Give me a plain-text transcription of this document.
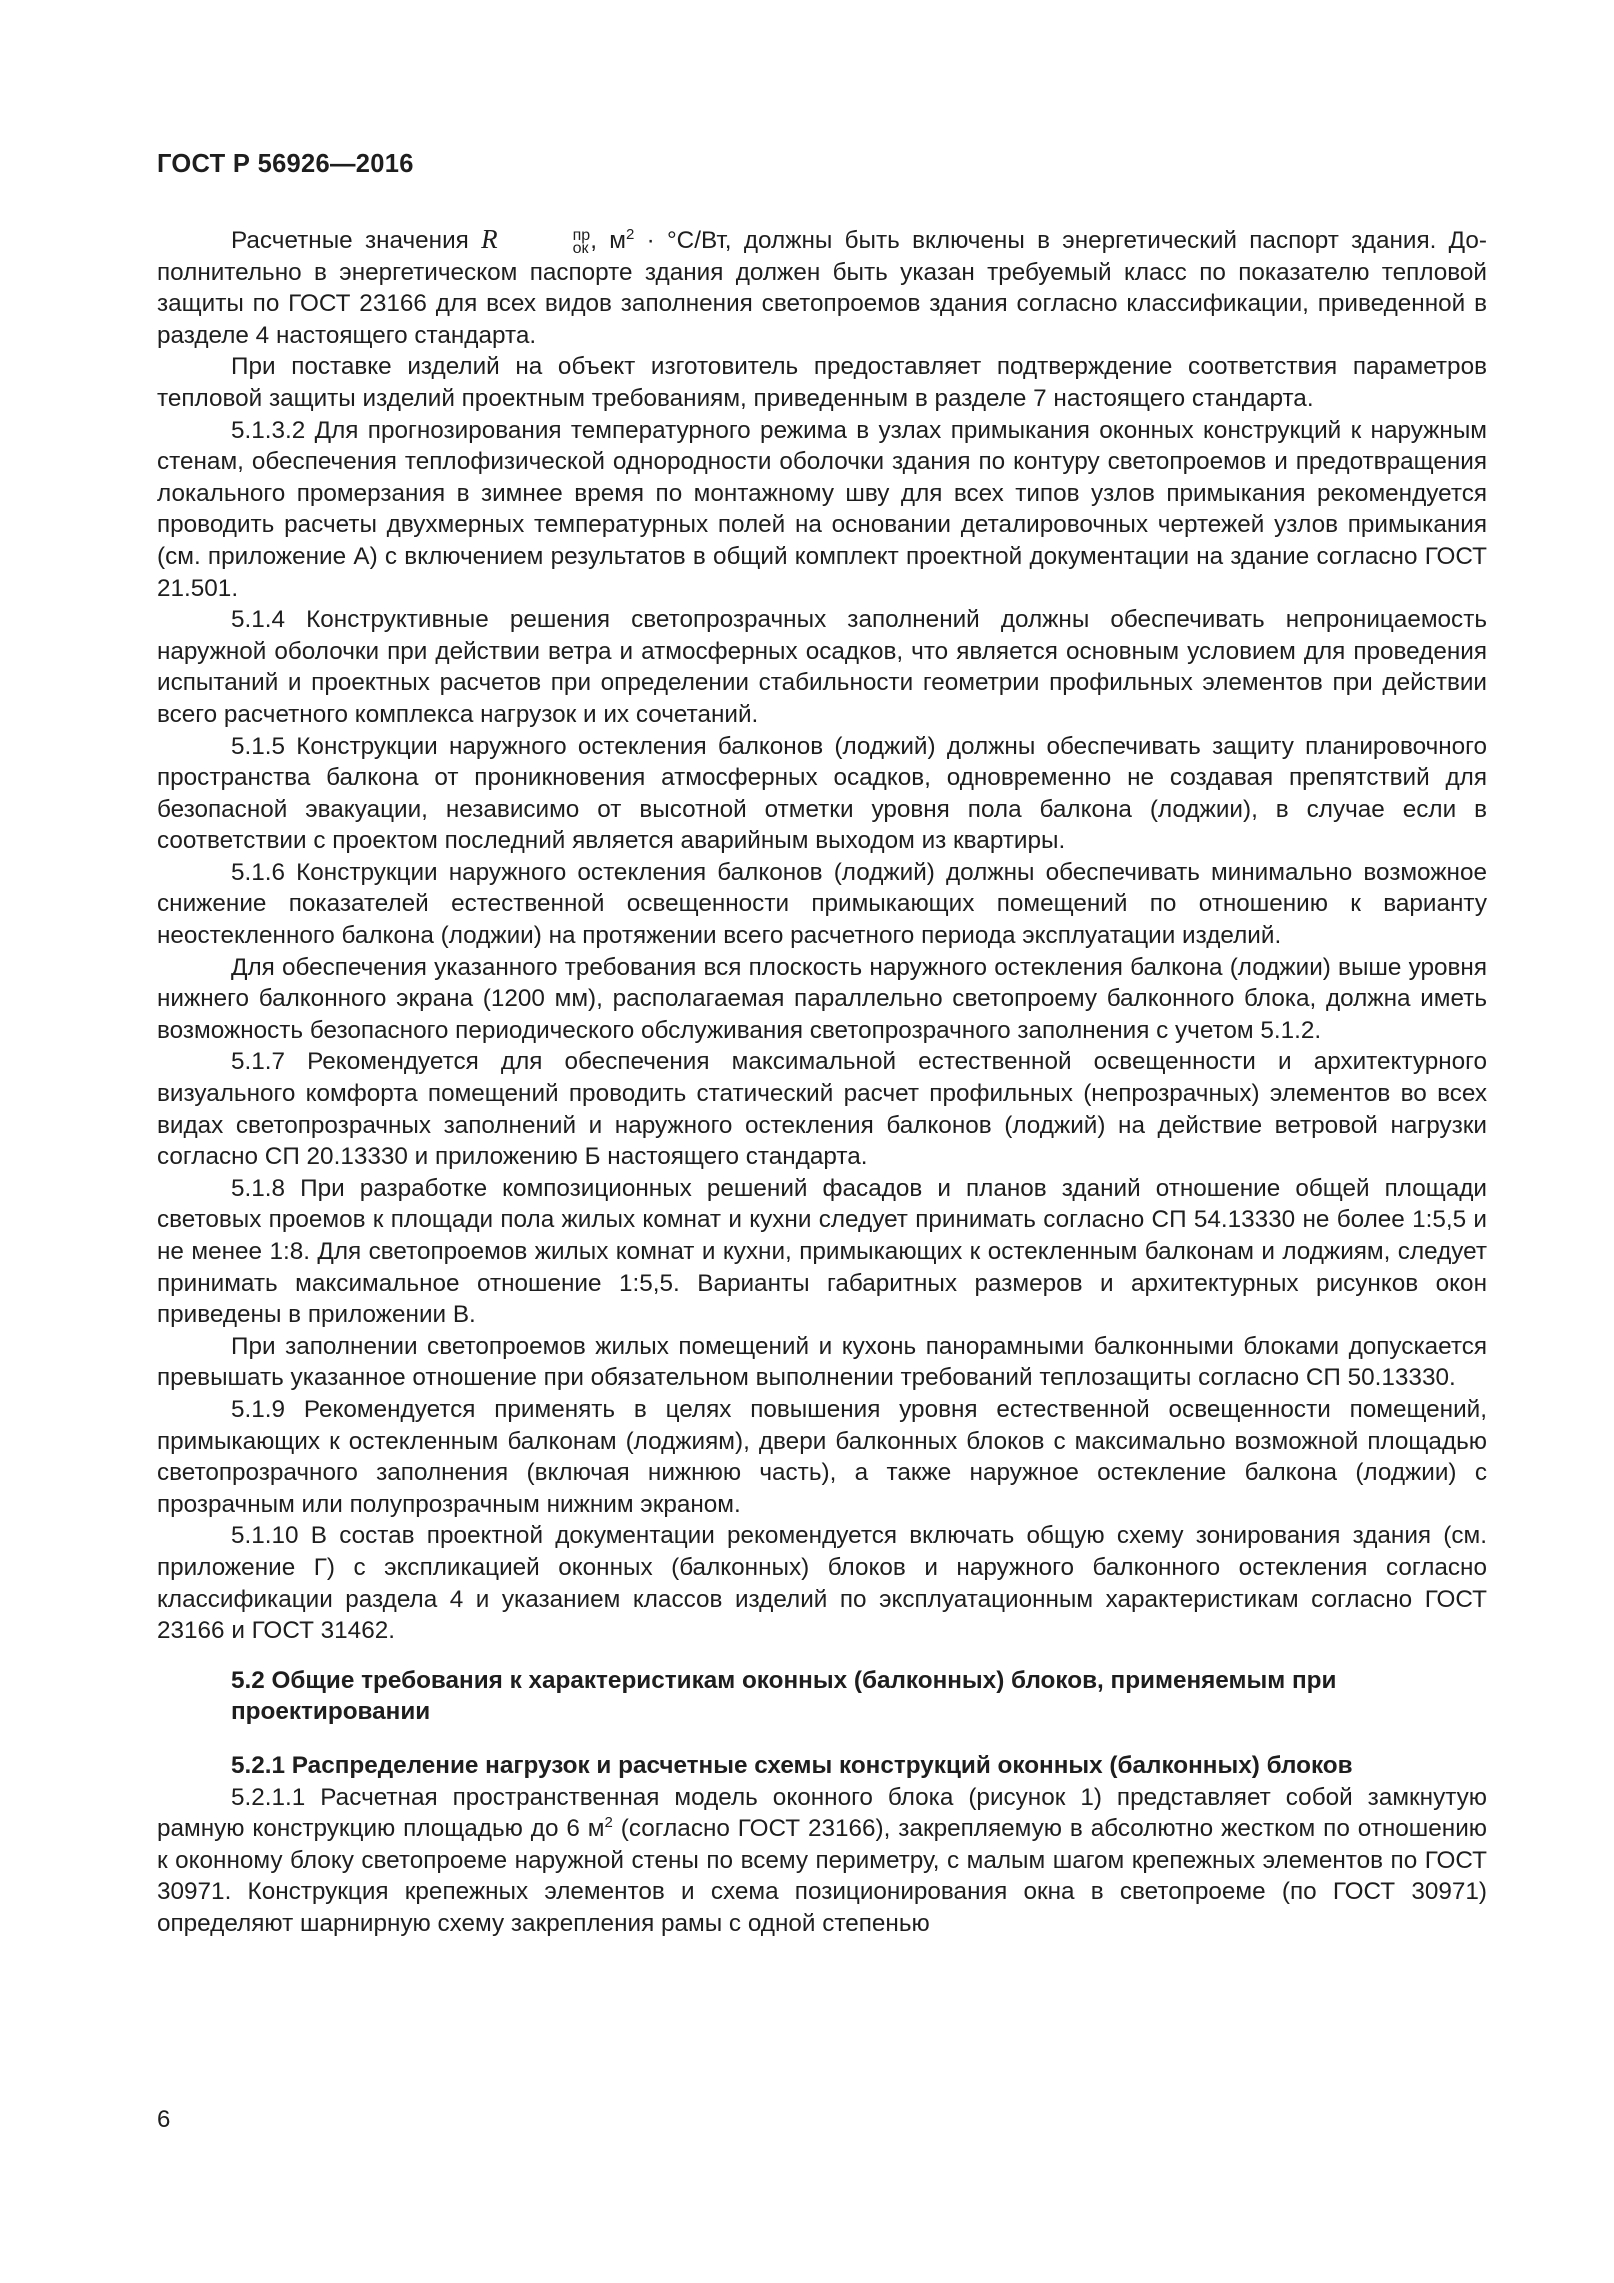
ГОСТ Р 56926—2016

Расчетные значения R	пр
ок , $м^2 \cdot ^\circ С/Вт$, должны быть включены в энергетический паспорт здания. Дополнительно в энергетическом паспорте здания должен быть указан требуемый класс по показателю тепловой защиты по ГОСТ 23166 для всех видов заполнения светопроемов здания согласно классификации, приведенной в разделе 4 настоящего стандарта.

При поставке изделий на объект изготовитель предоставляет подтверждение соответствия параметров тепловой защиты изделий проектным требованиям, приведенным в разделе 7 настоящего стандарта.

5.1.3.2 Для прогнозирования температурного режима в узлах примыкания оконных конструкций к наружным стенам, обеспечения теплофизической однородности оболочки здания по контуру светопроемов и предотвращения локального промерзания в зимнее время по монтажному шву для всех типов узлов примыкания рекомендуется проводить расчеты двухмерных температурных полей на основании деталировочных чертежей узлов примыкания (см. приложение А) с включением результатов в общий комплект проектной документации на здание согласно ГОСТ 21.501.

5.1.4 Конструктивные решения светопрозрачных заполнений должны обеспечивать непроницаемость наружной оболочки при действии ветра и атмосферных осадков, что является основным условием для проведения испытаний и проектных расчетов при определении стабильности геометрии профильных элементов при действии всего расчетного комплекса нагрузок и их сочетаний.

5.1.5 Конструкции наружного остекления балконов (лоджий) должны обеспечивать защиту планировочного пространства балкона от проникновения атмосферных осадков, одновременно не создавая препятствий для безопасной эвакуации, независимо от высотной отметки уровня пола балкона (лоджии), в случае если в соответствии с проектом последний является аварийным выходом из квартиры.

5.1.6 Конструкции наружного остекления балконов (лоджий) должны обеспечивать минимально возможное снижение показателей естественной освещенности примыкающих помещений по отношению к варианту неостекленного балкона (лоджии) на протяжении всего расчетного периода эксплуатации изделий.

Для обеспечения указанного требования вся плоскость наружного остекления балкона (лоджии) выше уровня нижнего балконного экрана (1200 мм), располагаемая параллельно светопроему балконного блока, должна иметь возможность безопасного периодического обслуживания светопрозрачного заполнения с учетом 5.1.2.

5.1.7 Рекомендуется для обеспечения максимальной естественной освещенности и архитектурного визуального комфорта помещений проводить статический расчет профильных (непрозрачных) элементов во всех видах светопрозрачных заполнений и наружного остекления балконов (лоджий) на действие ветровой нагрузки согласно СП 20.13330 и приложению Б настоящего стандарта.

5.1.8 При разработке композиционных решений фасадов и планов зданий отношение общей площади световых проемов к площади пола жилых комнат и кухни следует принимать согласно СП 54.13330 не более 1:5,5 и не менее 1:8. Для светопроемов жилых комнат и кухни, примыкающих к остекленным балконам и лоджиям, следует принимать максимальное отношение 1:5,5. Варианты габаритных размеров и архитектурных рисунков окон приведены в приложении В.

При заполнении светопроемов жилых помещений и кухонь панорамными балконными блоками допускается превышать указанное отношение при обязательном выполнении требований теплозащиты согласно СП 50.13330.

5.1.9 Рекомендуется применять в целях повышения уровня естественной освещенности помещений, примыкающих к остекленным балконам (лоджиям), двери балконных блоков с максимально возможной площадью светопрозрачного заполнения (включая нижнюю часть), а также наружное остекление балкона (лоджии) с прозрачным или полупрозрачным нижним экраном.

5.1.10 В состав проектной документации рекомендуется включать общую схему зонирования здания (см. приложение Г) с экспликацией оконных (балконных) блоков и наружного балконного остекления согласно классификации раздела 4 и указанием классов изделий по эксплуатационным характеристикам согласно ГОСТ 23166 и ГОСТ 31462.

5.2 Общие требования к характеристикам оконных (балконных) блоков, применяемым при проектировании
5.2.1 Распределение нагрузок и расчетные схемы конструкций оконных (балконных) блоков

5.2.1.1 Расчетная пространственная модель оконного блока (рисунок 1) представляет собой замкнутую рамную конструкцию площадью до 6 $м^2$ (согласно ГОСТ 23166), закрепляемую в абсолютно жестком по отношению к оконному блоку светопроеме наружной стены по всему периметру, с малым шагом крепежных элементов по ГОСТ 30971. Конструкция крепежных элементов и схема позиционирования окна в светопроеме (по ГОСТ 30971) определяют шарнирную схему закрепления рамы с одной степенью

6
